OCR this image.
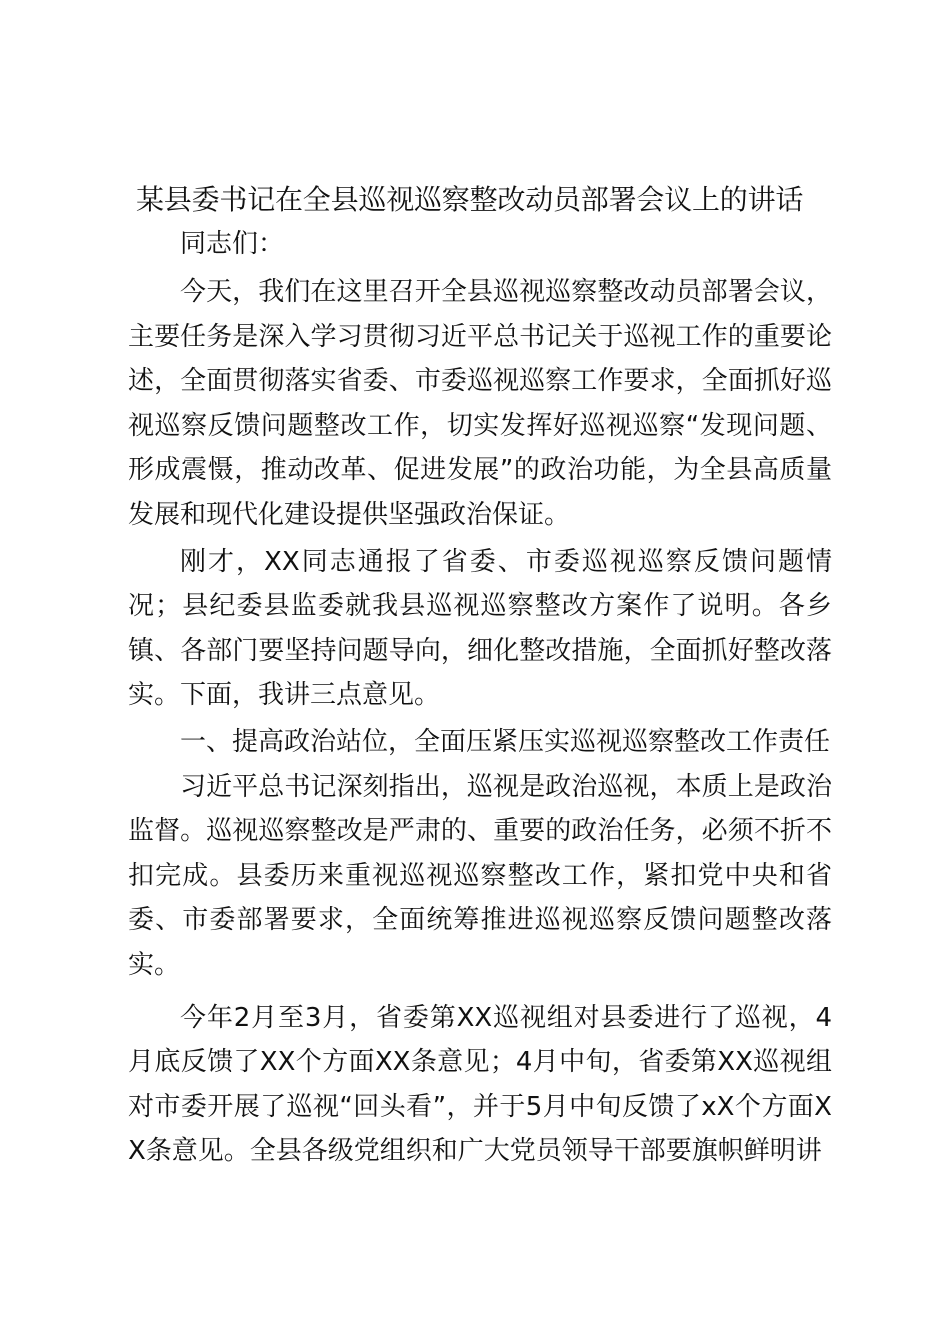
某县委书记在全县巡视巡察整改动员部署会议上的讲话

同志们：

今天，我们在这里召开全县巡视巡察整改动员部署会议，主要任务是深入学习贯彻习近平总书记关于巡视工作的重要论述，全面贯彻落实省委、市委巡视巡察工作要求，全面抓好巡视巡察反馈问题整改工作，切实发挥好巡视巡察“发现问题、形成震慑，推动改革、促进发展”的政治功能，为全县高质量发展和现代化建设提供坚强政治保证。

刚才，XX同志通报了省委、市委巡视巡察反馈问题情况；县纪委县监委就我县巡视巡察整改方案作了说明。各乡镇、各部门要坚持问题导向，细化整改措施，全面抓好整改落实。下面，我讲三点意见。

一、提高政治站位，全面压紧压实巡视巡察整改工作责任

习近平总书记深刻指出，巡视是政治巡视，本质上是政治监督。巡视巡察整改是严肃的、重要的政治任务，必须不折不扣完成。县委历来重视巡视巡察整改工作，紧扣党中央和省委、市委部署要求，全面统筹推进巡视巡察反馈问题整改落实。

今年2月至3月，省委第XX巡视组对县委进行了巡视，4月底反馈了XX个方面XX条意见；4月中旬，省委第XX巡视组对市委开展了巡视“回头看”，并于5月中旬反馈了xX个方面XX条意见。全县各级党组织和广大党员领导干部要旗帜鲜明讲
